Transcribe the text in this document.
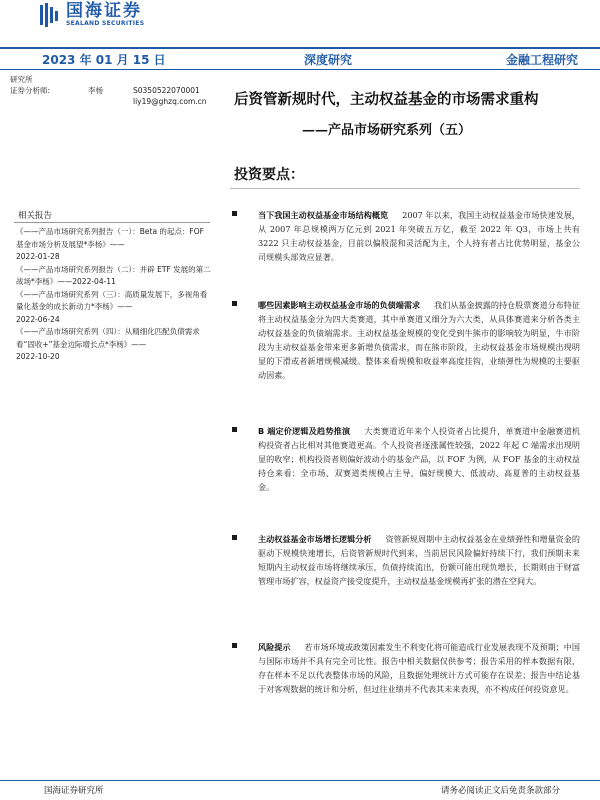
国海证券
SEALAND SECURITIES
2023 年 01 月 15 日	深度研究	金融工程研究
研究所
证券分析师:	李杨	S0350522070001
liy19@ghzq.com.cn 后资管新规时代，主动权益基金的市场需求重构
——产品市场研究系列（五）
投资要点：
相关报告
《——产品市场研究系列报告（一）：Beta 的起点：FOF 基金市场分析及展望*李杨》——
2022-01-28
《——产品市场研究系列报告（二）：并辟 ETF 发展的第二战场*李杨》——2022-04-11
《——产品市场研究系列（三）：高质量发展下，多视角看量化基金的成长新动力*李杨》——
2022-06-24
《——产品市场研究系列（四）：从精细化匹配负债需求看“固收+”基金边际增长点*李杨》——
2022-10-20
当下我国主动权益基金市场结构概览 2007 年以来，我国主动权益基金市场快速发展，从 2007 年总规模两万亿元到 2021 年突破五万亿，截至 2022 年 Q3，市场上共有 3222 只主动权益基金，目前以偏股混和灵活配为主，个人持有者占比优势明显，基金公司规模头部效应显著。
哪些因素影响主动权益基金市场的负债端需求 我们从基金披露的持仓股票赛道分布特征将主动权益基金分为四大类赛道，其中单赛道又细分为六大类，从具体赛道来分析各类主动权益基金的负债端需求。主动权益基金规模的变化受到牛熊市的影响较为明显，牛市阶段为主动权益基金带来更多新增负债需求，而在熊市阶段，主动权益基金市场规模出现明显的下滑或者新增规模减缓。整体来看规模和收益率高度挂钩，业绩弹性为规模的主要驱动因素。
B 端定价逻辑及趋势推演 大类赛道近年来个人投资者占比提升，单赛道中金融赛道机构投资者占比相对其他赛道更高。个人投资者逐涨属性较强，2022 年起 C 端需求出现明显的收窄；机构投资者则偏好波动小的基金产品，以 FOF 为例，从 FOF 基金的主动权益持仓来看：全市场、双赛道类规模占主导，偏好规模大、低波动、高夏普的主动权益基金。
主动权益基金市场增长逻辑分析 资管新规周期中主动权益基金在业绩弹性和增量资金的驱动下规模快速增长，后资管新规时代到来，当前居民风险偏好持续下行，我们预期未来短期内主动权益市场将继续承压，负债持续流出，份额可能出现负增长，长期则由于财富管理市场扩容，权益资产接受度提升，主动权益基金规模再扩张的潜在空间大。
风险提示 若市场环境或政策因素发生不利变化将可能造成行业发展表现不及预期；中国与国际市场并不具有完全可比性。报告中相关数据仅供参考；报告采用的样本数据有限，存在样本不足以代表整体市场的风险，且数据处理统计方式可能存在误差；报告中结论基于对客观数据的统计和分析，但过往业绩并不代表其未来表现，亦不构成任何投资意见。
国海证券研究所	请务必阅读正文后免责条款部分
